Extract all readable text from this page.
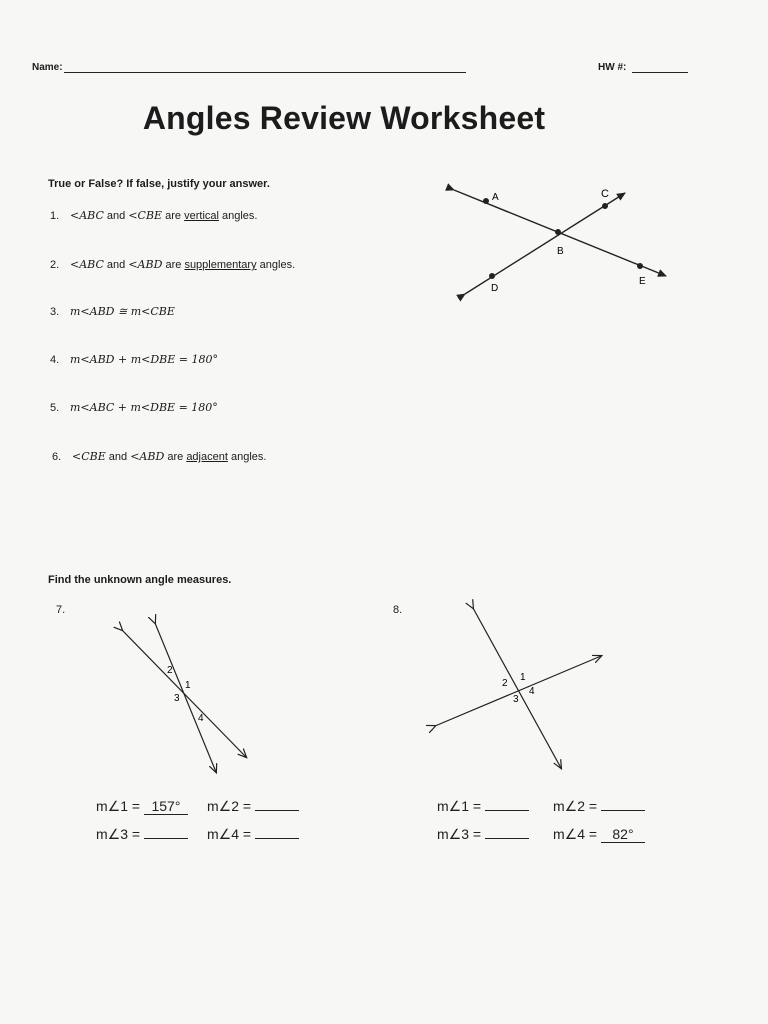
Name:	HW #:
Angles Review Worksheet
True or False? If false, justify your answer.
1. <ABC and <CBE are vertical angles.
2. <ABC and <ABD are supplementary angles.
3. m<ABD ≅ m<CBE
4. m<ABD + m<DBE = 180°
5. m<ABC + m<DBE = 180°
6. <CBE and <ABD are adjacent angles.
A
B
C
D
E
Find the unknown angle measures.
7.	8.
2
1
3
4
2
1
3
4
m∠1 = 157°	m∠2 =
m∠3 =	m∠4 =
m∠1 =	m∠2 =
m∠3 =	m∠4 = 82°
